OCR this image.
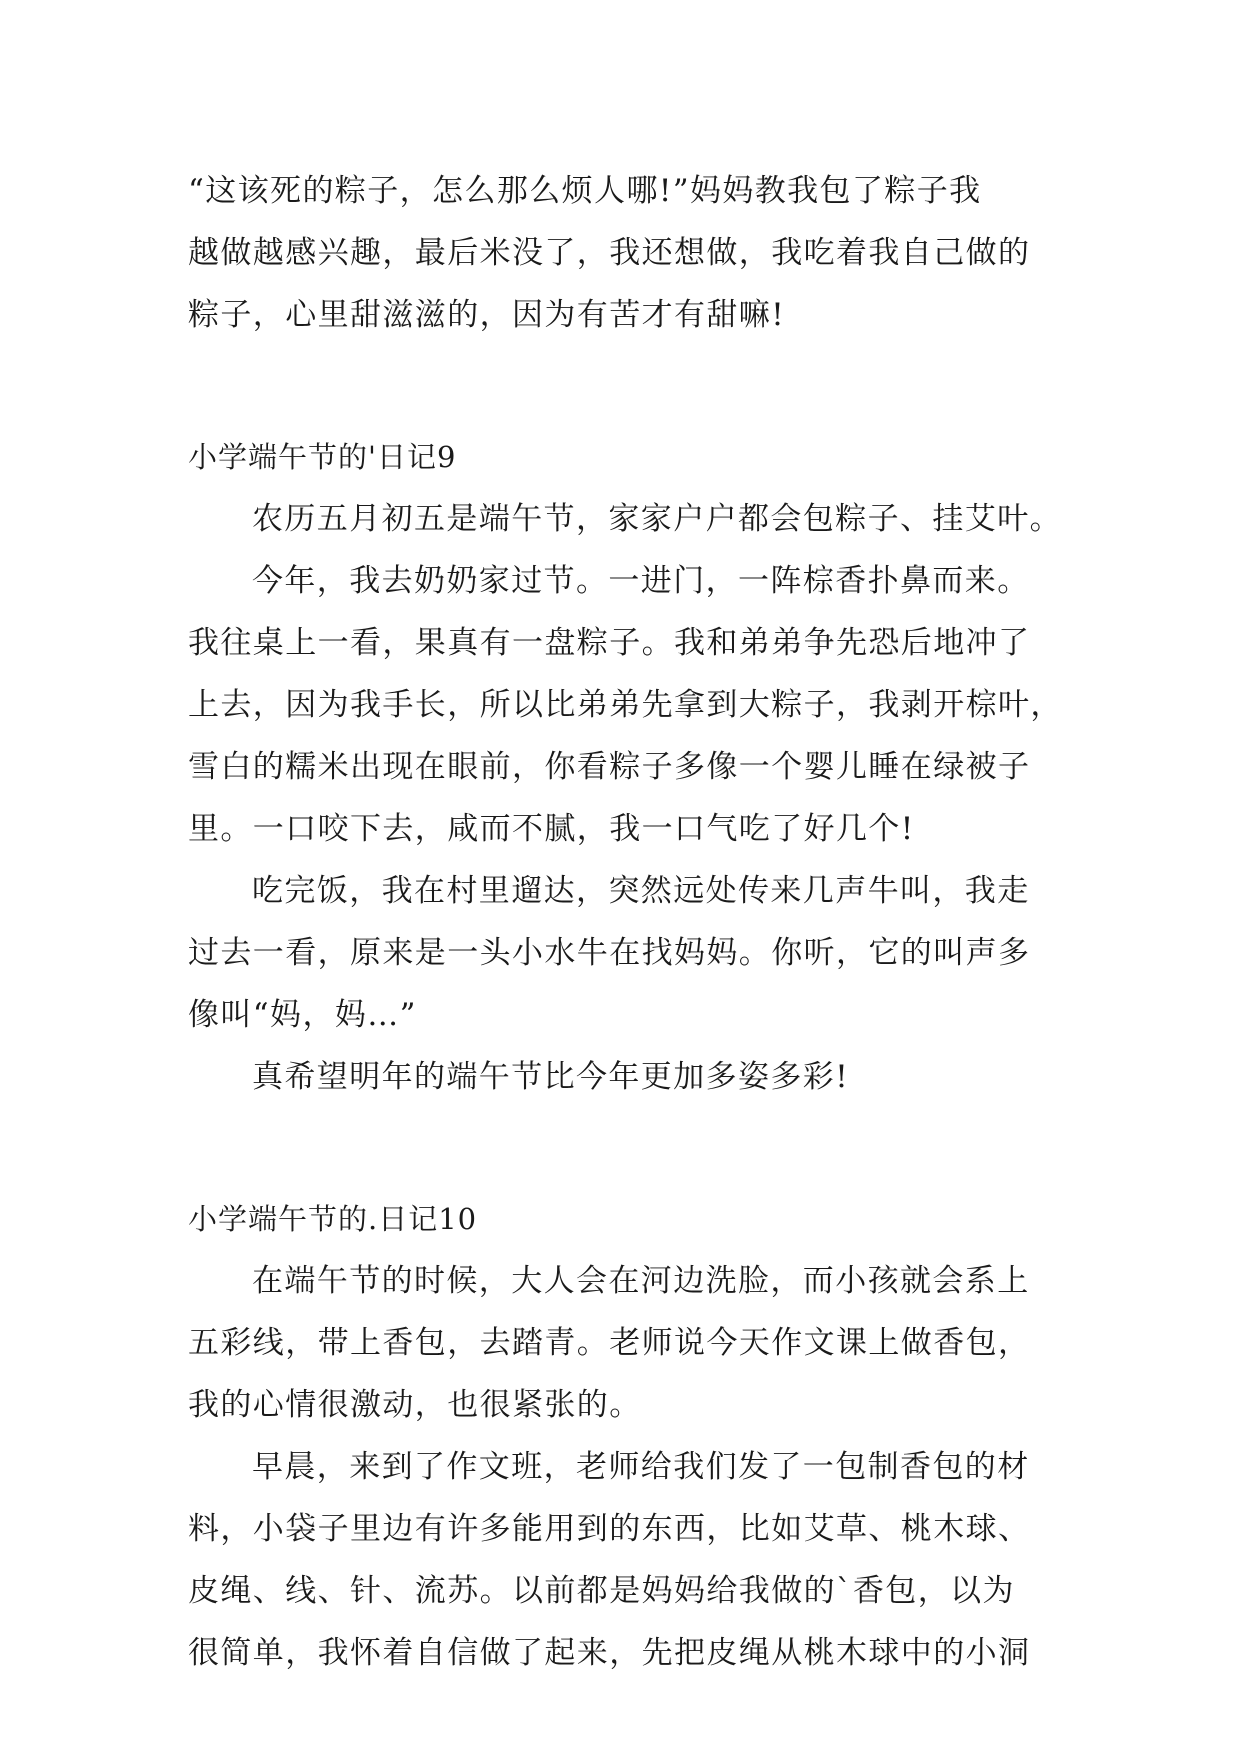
“这该死的粽子，怎么那么烦人哪!”妈妈教我包了粽子我
越做越感兴趣，最后米没了，我还想做，我吃着我自己做的
粽子，心里甜滋滋的，因为有苦才有甜嘛!
小学端午节的'日记9
农历五月初五是端午节，家家户户都会包粽子、挂艾叶。
今年，我去奶奶家过节。一进门，一阵棕香扑鼻而来。
我往桌上一看，果真有一盘粽子。我和弟弟争先恐后地冲了
上去，因为我手长，所以比弟弟先拿到大粽子，我剥开棕叶，
雪白的糯米出现在眼前，你看粽子多像一个婴儿睡在绿被子
里。一口咬下去，咸而不腻，我一口气吃了好几个!
吃完饭，我在村里遛达，突然远处传来几声牛叫，我走
过去一看，原来是一头小水牛在找妈妈。你听，它的叫声多
像叫“妈，妈…”
真希望明年的端午节比今年更加多姿多彩!
小学端午节的.日记10
在端午节的时候，大人会在河边洗脸，而小孩就会系上
五彩线，带上香包，去踏青。老师说今天作文课上做香包，
我的心情很激动，也很紧张的。
早晨，来到了作文班，老师给我们发了一包制香包的材
料，小袋子里边有许多能用到的东西，比如艾草、桃木球、
皮绳、线、针、流苏。以前都是妈妈给我做的`香包，以为
很简单，我怀着自信做了起来，先把皮绳从桃木球中的小洞
